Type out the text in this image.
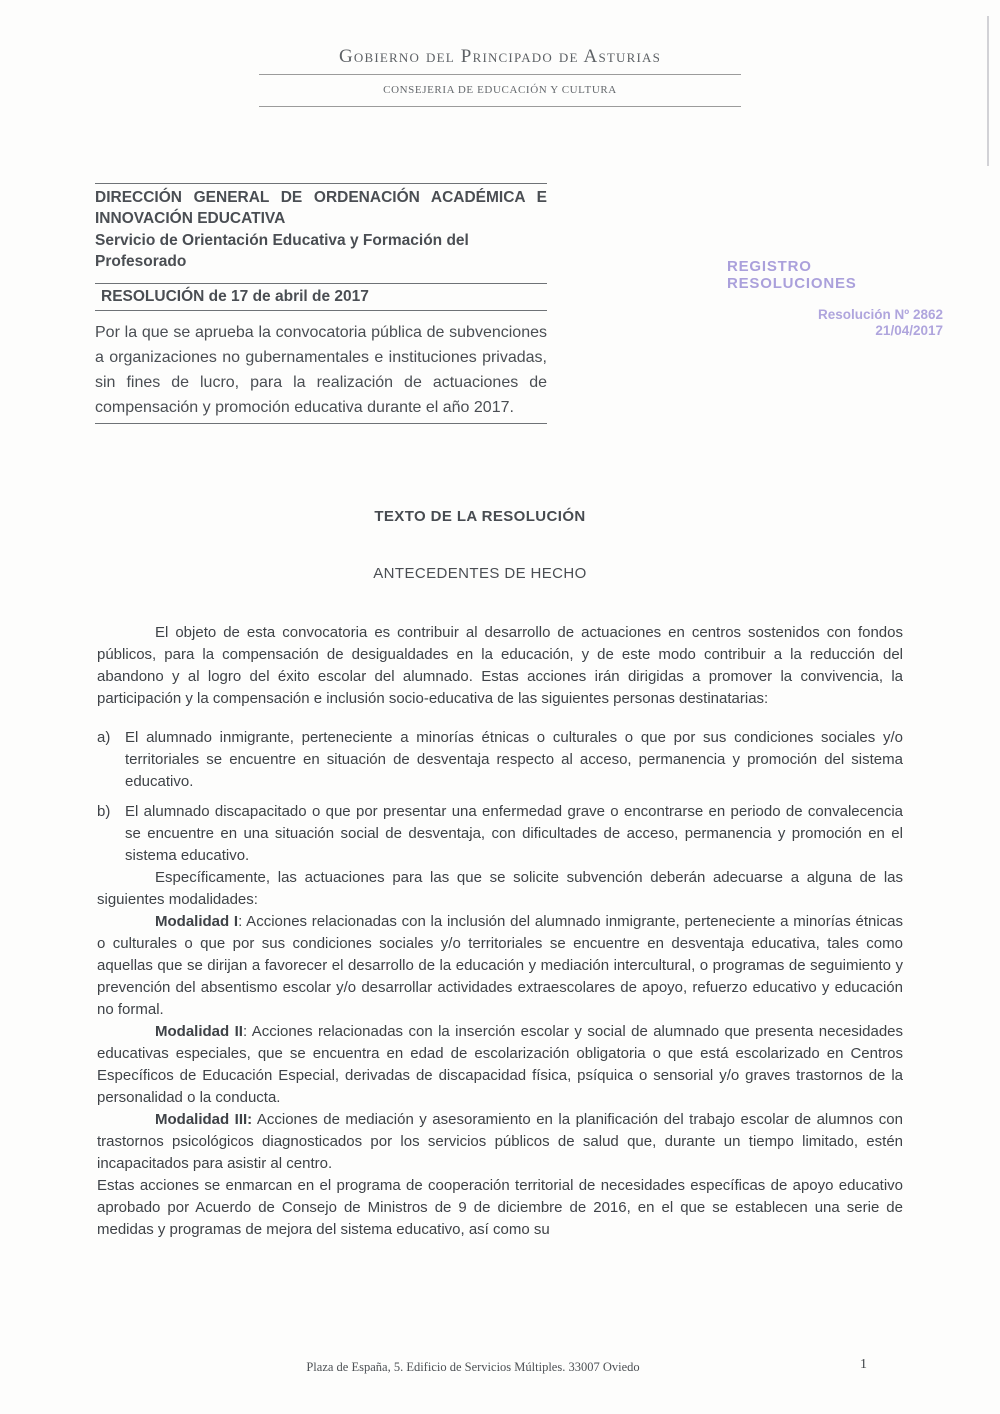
Gobierno del Principado de Asturias
CONSEJERIA DE EDUCACIÓN Y CULTURA

DIRECCIÓN GENERAL DE ORDENACIÓN ACADÉMICA E INNOVACIÓN EDUCATIVA

Servicio de Orientación Educativa y Formación del Profesorado

RESOLUCIÓN de 17 de abril de 2017

Por la que se aprueba la convocatoria pública de subvenciones a organizaciones no gubernamentales e instituciones privadas, sin fines de lucro, para la realización de actuaciones de compensación y promoción educativa durante el año 2017.

REGISTRO RESOLUCIONES
Resolución Nº 2862
21/04/2017
TEXTO DE LA RESOLUCIÓN
ANTECEDENTES DE HECHO

El objeto de esta convocatoria es contribuir al desarrollo de actuaciones en centros sostenidos con fondos públicos, para la compensación de desigualdades en la educación, y de este modo contribuir a la reducción del abandono y al logro del éxito escolar del alumnado. Estas acciones irán dirigidas a promover la convivencia, la participación y la compensación e inclusión socio-educativa de las siguientes personas destinatarias:

a) El alumnado inmigrante, perteneciente a minorías étnicas o culturales o que por sus condiciones sociales y/o territoriales se encuentre en situación de desventaja respecto al acceso, permanencia y promoción del sistema educativo.
b) El alumnado discapacitado o que por presentar una enfermedad grave o encontrarse en periodo de convalecencia se encuentre en una situación social de desventaja, con dificultades de acceso, permanencia y promoción en el sistema educativo.

Específicamente, las actuaciones para las que se solicite subvención deberán adecuarse a alguna de las siguientes modalidades:

Modalidad I: Acciones relacionadas con la inclusión del alumnado inmigrante, perteneciente a minorías étnicas o culturales o que por sus condiciones sociales y/o territoriales se encuentre en desventaja educativa, tales como aquellas que se dirijan a favorecer el desarrollo de la educación y mediación intercultural, o programas de seguimiento y prevención del absentismo escolar y/o desarrollar actividades extraescolares de apoyo, refuerzo educativo y educación no formal.

Modalidad II: Acciones relacionadas con la inserción escolar y social de alumnado que presenta necesidades educativas especiales, que se encuentra en edad de escolarización obligatoria o que está escolarizado en Centros Específicos de Educación Especial, derivadas de discapacidad física, psíquica o sensorial y/o graves trastornos de la personalidad o la conducta.

Modalidad III: Acciones de mediación y asesoramiento en la planificación del trabajo escolar de alumnos con trastornos psicológicos diagnosticados por los servicios públicos de salud que, durante un tiempo limitado, estén incapacitados para asistir al centro.

Estas acciones se enmarcan en el programa de cooperación territorial de necesidades específicas de apoyo educativo aprobado por Acuerdo de Consejo de Ministros de 9 de diciembre de 2016, en el que se establecen una serie de medidas y programas de mejora del sistema educativo, así como su

Plaza de España, 5. Edificio de Servicios Múltiples. 33007 Oviedo	1
